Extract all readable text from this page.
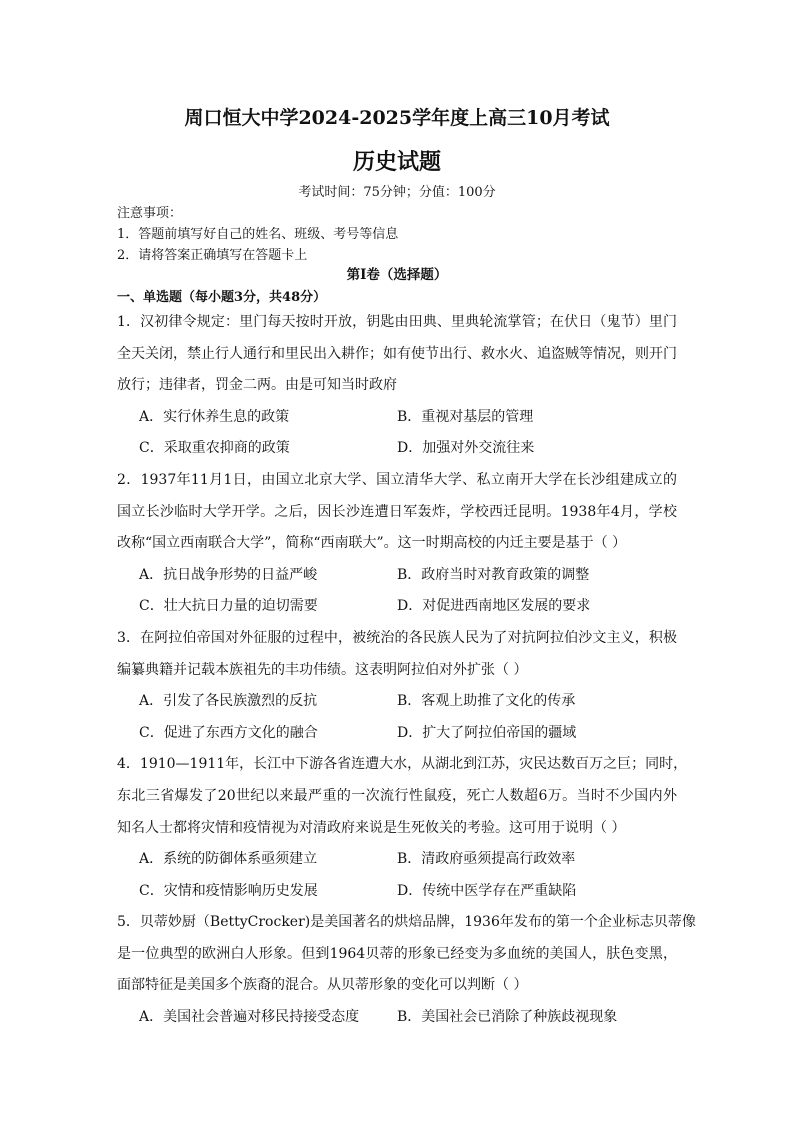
周口恒大中学2024-2025学年度上高三10月考试
历史试题
考试时间：75分钟；分值：100分
注意事项：
1．答题前填写好自己的姓名、班级、考号等信息
2．请将答案正确填写在答题卡上
第Ⅰ卷（选择题）
一、单选题（每小题3分，共48分）
1．汉初律令规定：里门每天按时开放，钥匙由田典、里典轮流掌管；在伏日（鬼节）里门
全天关闭，禁止行人通行和里民出入耕作；如有使节出行、救水火、追盗贼等情况，则开门
放行；违律者，罚金二两。由是可知当时政府
A．实行休养生息的政策	B．重视对基层的管理
C．采取重农抑商的政策	D．加强对外交流往来
2．1937年11月1日，由国立北京大学、国立清华大学、私立南开大学在长沙组建成立的
国立长沙临时大学开学。之后，因长沙连遭日军轰炸，学校西迁昆明。1938年4月，学校
改称“国立西南联合大学”，简称“西南联大”。这一时期高校的内迁主要是基于（ ）
A．抗日战争形势的日益严峻	B．政府当时对教育政策的调整
C．壮大抗日力量的迫切需要	D．对促进西南地区发展的要求
3．在阿拉伯帝国对外征服的过程中，被统治的各民族人民为了对抗阿拉伯沙文主义，积极
编纂典籍并记载本族祖先的丰功伟绩。这表明阿拉伯对外扩张（ ）
A．引发了各民族激烈的反抗	B．客观上助推了文化的传承
C．促进了东西方文化的融合	D．扩大了阿拉伯帝国的疆域
4．1910—1911年，长江中下游各省连遭大水，从湖北到江苏，灾民达数百万之巨；同时，
东北三省爆发了20世纪以来最严重的一次流行性鼠疫，死亡人数超6万。当时不少国内外
知名人士都将灾情和疫情视为对清政府来说是生死攸关的考验。这可用于说明（ ）
A．系统的防御体系亟须建立	B．清政府亟须提高行政效率
C．灾情和疫情影响历史发展	D．传统中医学存在严重缺陷
5．贝蒂妙厨（BettyCrocker)是美国著名的烘焙品牌，1936年发布的第一个企业标志贝蒂像
是一位典型的欧洲白人形象。但到1964贝蒂的形象已经变为多血统的美国人，肤色变黑，
面部特征是美国多个族裔的混合。从贝蒂形象的变化可以判断（ ）
A．美国社会普遍对移民持接受态度	B．美国社会已消除了种族歧视现象
